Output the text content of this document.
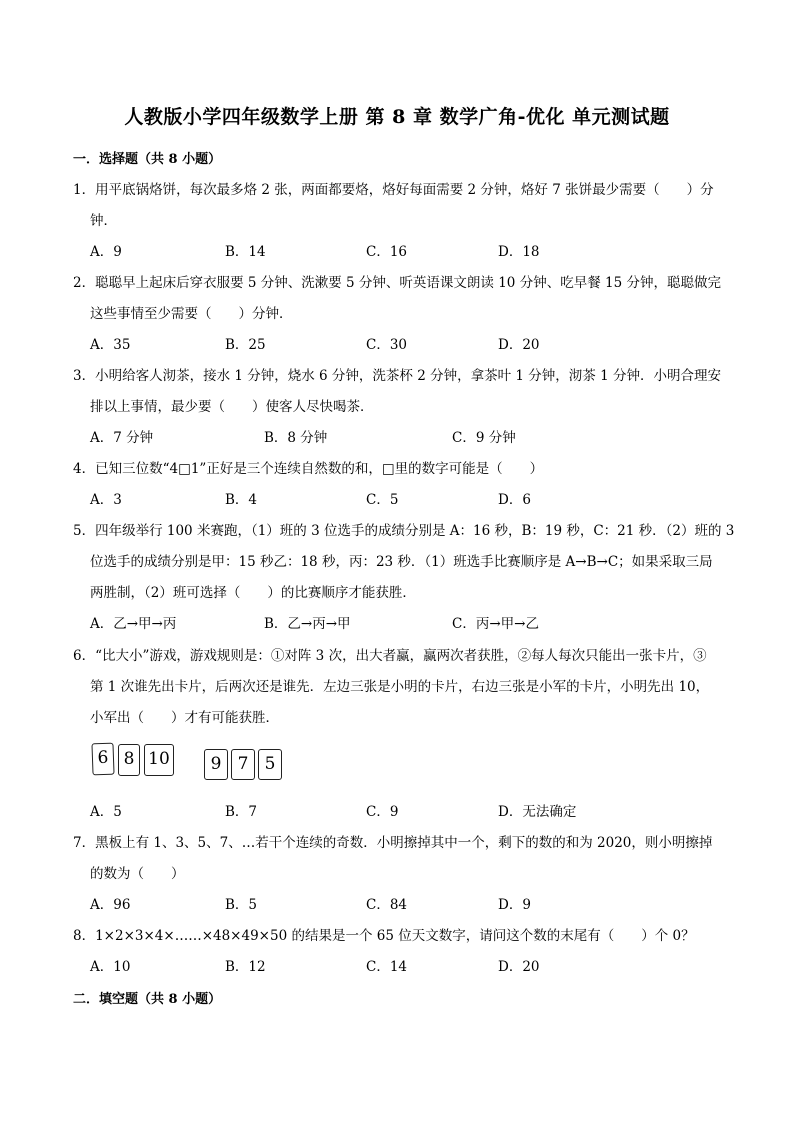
人教版小学四年级数学上册 第 8 章 数学广角-优化 单元测试题
一．选择题（共 8 小题）
1．用平底锅烙饼，每次最多烙 2 张，两面都要烙，烙好每面需要 2 分钟，烙好 7 张饼最少需要（　　）分
钟．
A．9	B．14	C．16	D．18
2．聪聪早上起床后穿衣服要 5 分钟、洗漱要 5 分钟、听英语课文朗读 10 分钟、吃早餐 15 分钟，聪聪做完
这些事情至少需要（　　）分钟．
A．35	B．25	C．30	D．20
3．小明给客人沏茶，接水 1 分钟，烧水 6 分钟，洗茶杯 2 分钟，拿茶叶 1 分钟，沏茶 1 分钟．小明合理安
排以上事情，最少要（　　）使客人尽快喝茶．
A．7 分钟	B．8 分钟	C．9 分钟
4．已知三位数“4□1”正好是三个连续自然数的和，□里的数字可能是（　　）
A．3	B．4	C．5	D．6
5．四年级举行 100 米赛跑，（1）班的 3 位选手的成绩分别是 A：16 秒，B：19 秒，C：21 秒．（2）班的 3
位选手的成绩分别是甲：15 秒乙：18 秒，丙：23 秒．（1）班选手比赛顺序是 A→B→C；如果采取三局
两胜制，（2）班可选择（　　）的比赛顺序才能获胜．
A．乙→甲→丙	B．乙→丙→甲	C．丙→甲→乙
6．“比大小”游戏，游戏规则是：①对阵 3 次，出大者赢，赢两次者获胜，②每人每次只能出一张卡片，③
第 1 次谁先出卡片，后两次还是谁先．左边三张是小明的卡片，右边三张是小军的卡片，小明先出 10，
小军出（　　）才有可能获胜．
6 8 10	9 7 5
A．5	B．7	C．9	D．无法确定
7．黑板上有 1、3、5、7、…若干个连续的奇数．小明擦掉其中一个，剩下的数的和为 2020，则小明擦掉
的数为（　　）
A．96	B．5	C．84	D．9
8．1×2×3×4×……×48×49×50 的结果是一个 65 位天文数字，请问这个数的末尾有（　　）个 0？
A．10	B．12	C．14	D．20
二．填空题（共 8 小题）
